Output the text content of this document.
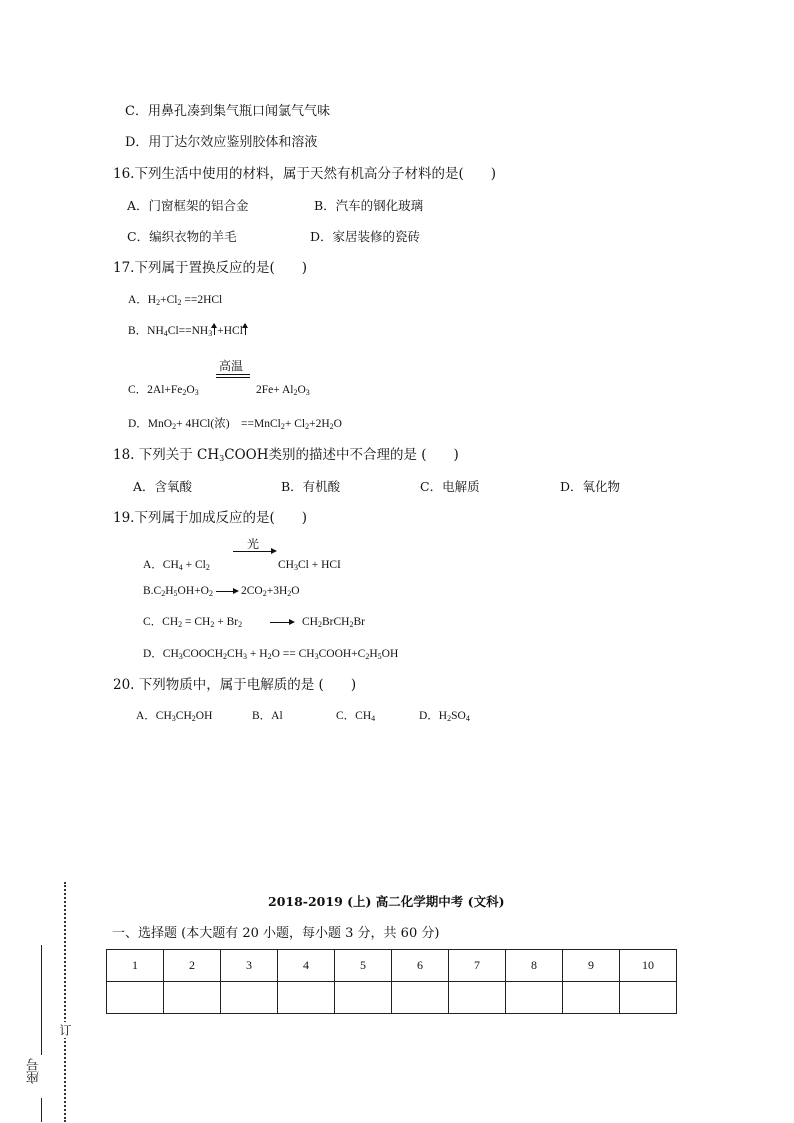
C．用鼻孔凑到集气瓶口闻氯气气味
D．用丁达尔效应鉴别胶体和溶液
16.下列生活中使用的材料，属于天然有机高分子材料的是(　　)
A．门窗框架的铝合金	B．汽车的钢化玻璃
C．编织衣物的羊毛	D．家居装修的瓷砖
17.下列属于置换反应的是(　　)
A．$H_2+Cl_2 ==2HCl$
B．$NH_4Cl==NH_3 +HCl$
高温
C．$2Al+Fe_2O_3$	$2Fe+ Al_2O_3$
D．MnO$_2$+ 4HCl(浓)　==MnCl$_2$+ $Cl_2+2H_2O$
18. 下列关于 $CH_3COOH$类别的描述中不合理的是 (　　)
A．含氧酸	B．有机酸	C．电解质	D．氧化物
19.下列属于加成反应的是(　　)
光
A．$CH_4 + Cl_2$	$CH_3Cl$ + HCI
$B.C_2H_5OH+O_2$ $2CO_2+3H_2O$
C．$CH_2 = CH_2 + Br_2$	$CH_2BrCH_2Br$
D．$CH_3COOCH_2CH_3 + H_2O$ == $CH_3COOH+C_2H_5OH$
20. 下列物质中，属于电解质的是 (　　)
A．$CH_3CH_2OH$	B．Al	C．$CH_4$	D．$H_2SO_4$
2018-2019 (上) 高二化学期中考 (文科)
一、选择题 (本大题有 20 小题，每小题 3 分，共 60 分)
1	2	3	4	5	6	7	8	9	10

订
座号
